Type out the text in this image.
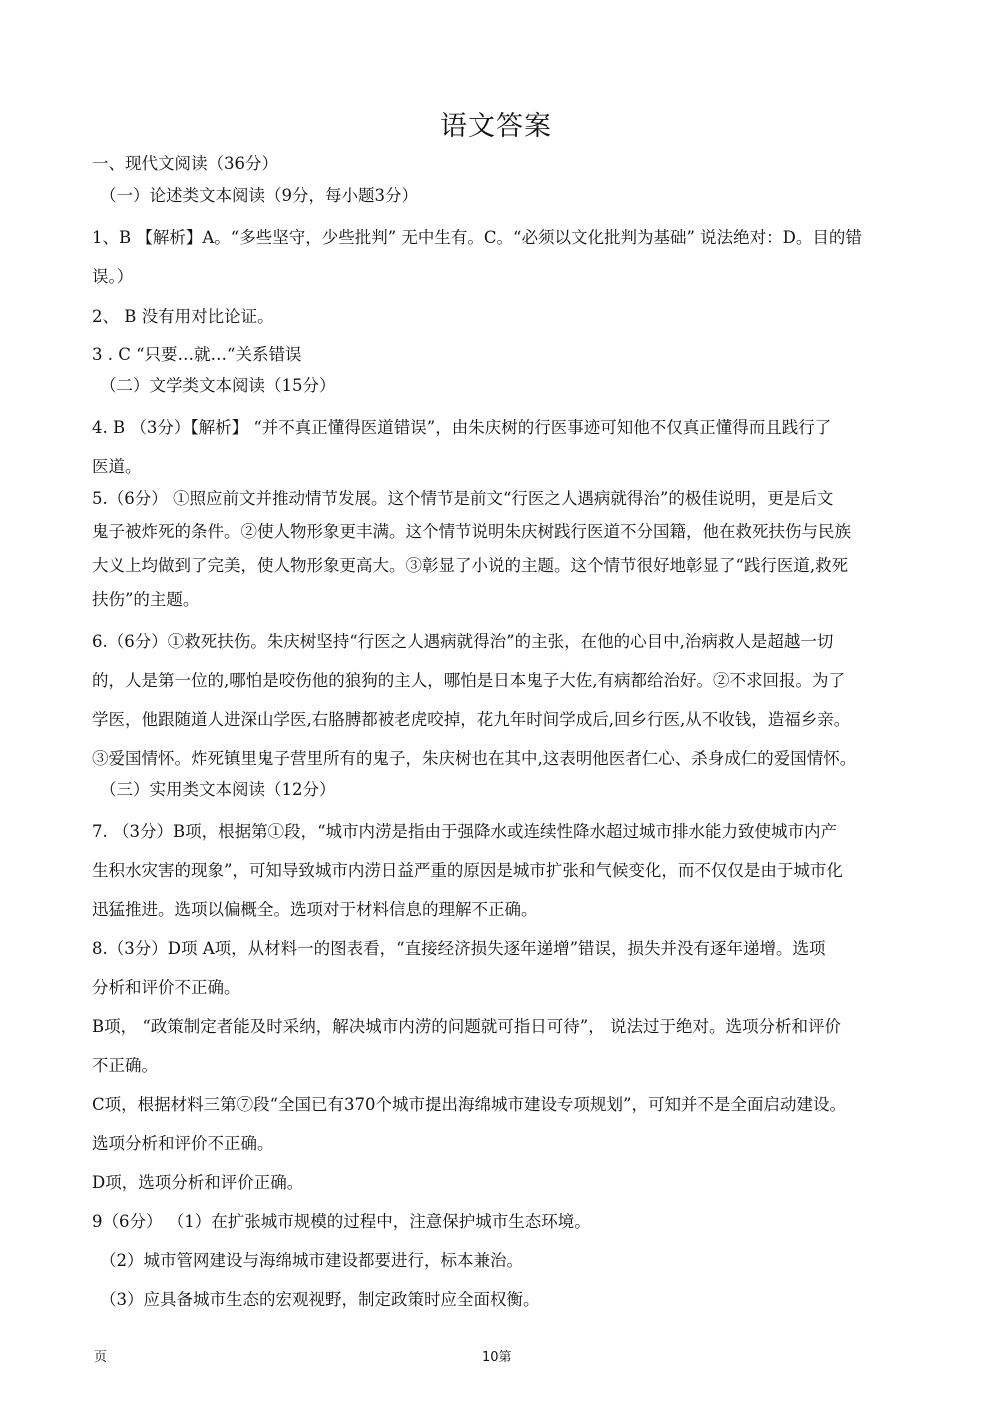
语文答案
一、现代文阅读（36分）
（一）论述类文本阅读（9分，每小题3分）
1、B 【解析】A。“多些坚守，少些批判” 无中生有。C。“必须以文化批判为基础” 说法绝对：D。目的错
误。）
2、 B 没有用对比论证。
3 . C “只要…就…“关系错误
（二）文学类文本阅读（15分）
4. B （3分）【解析】 “并不真正懂得医道错误”，由朱庆树的行医事迹可知他不仅真正懂得而且践行了
医道。
5.（6分） ①照应前文并推动情节发展。这个情节是前文“行医之人遇病就得治”的极佳说明，更是后文
鬼子被炸死的条件。②使人物形象更丰满。这个情节说明朱庆树践行医道不分国籍，他在救死扶伤与民族
大义上均做到了完美，使人物形象更高大。③彰显了小说的主题。这个情节很好地彰显了“践行医道,救死
扶伤”的主题。
6.（6分）①救死扶伤。朱庆树坚持“行医之人遇病就得治”的主张，在他的心目中,治病救人是超越一切
的，人是第一位的,哪怕是咬伤他的狼狗的主人，哪怕是日本鬼子大佐,有病都给治好。②不求回报。为了
学医，他跟随道人进深山学医,右胳膊都被老虎咬掉，花九年时间学成后,回乡行医,从不收钱，造福乡亲。
③爱国情怀。炸死镇里鬼子营里所有的鬼子，朱庆树也在其中,这表明他医者仁心、杀身成仁的爱国情怀。
（三）实用类文本阅读（12分）
7. （3分）B项，根据第①段，“城市内涝是指由于强降水或连续性降水超过城市排水能力致使城市内产
生积水灾害的现象”，可知导致城市内涝日益严重的原因是城市扩张和气候变化，而不仅仅是由于城市化
迅猛推进。选项以偏概全。选项对于材料信息的理解不正确。
8.（3分）D项 A项，从材料一的图表看，“直接经济损失逐年递增”错误，损失并没有逐年递增。选项
分析和评价不正确。
B项， “政策制定者能及时采纳，解决城市内涝的问题就可指日可待”， 说法过于绝对。选项分析和评价
不正确。
C项，根据材料三第⑦段“全国已有370个城市提出海绵城市建设专项规划”，可知并不是全面启动建设。
选项分析和评价不正确。
D项，选项分析和评价正确。
9（6分） （1）在扩张城市规模的过程中，注意保护城市生态环境。
（2）城市管网建设与海绵城市建设都要进行，标本兼治。
（3）应具备城市生态的宏观视野，制定政策时应全面权衡。
页	10第
